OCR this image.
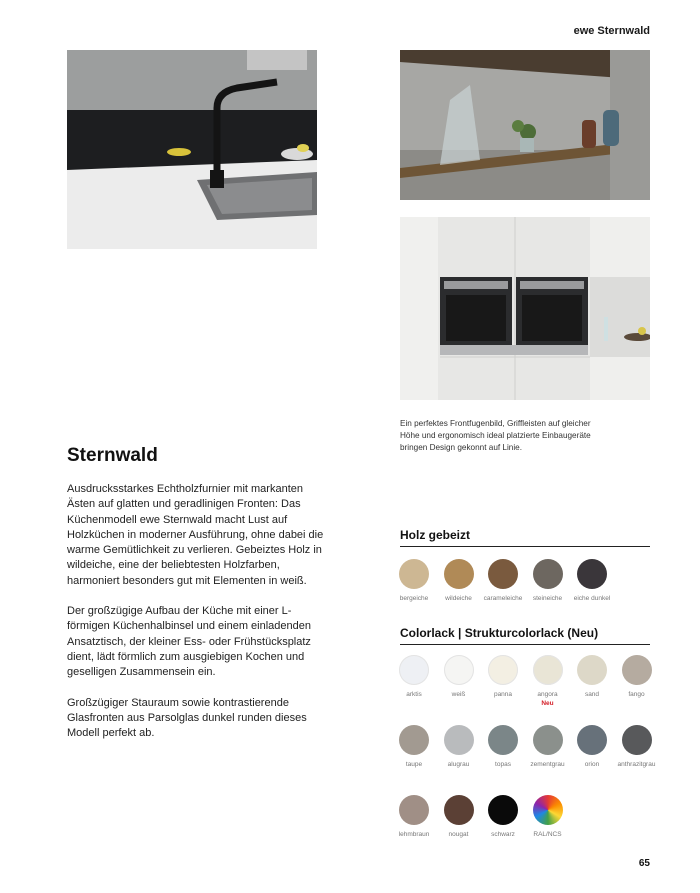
ewe Sternwald
Ein perfektes Frontfugenbild, Griffleisten auf gleicher Höhe und ergonomisch ideal platzierte Einbaugeräte bringen Design gekonnt auf Linie.
Sternwald

Ausdrucksstarkes Echtholzfurnier mit markanten Ästen auf glatten und geradlinigen Fronten: Das Küchenmodell ewe Sternwald macht Lust auf Holzküchen in moderner Ausführung, ohne dabei die warme Gemütlichkeit zu verlieren. Gebeiztes Holz in wildeiche, eine der beliebtesten Holzfarben, harmoniert besonders gut mit Elementen in weiß.

Der großzügige Aufbau der Küche mit einer L-förmigen Küchenhalbinsel und einem einladenden Ansatztisch, der kleiner Ess- oder Frühstücksplatz dient, lädt förmlich zum ausgiebigen Kochen und geselligen Zusammensein ein.

Großzügiger Stauraum sowie kontrastierende Glasfronten aus Parsolglas dunkel runden dieses Modell perfekt ab.

Holz gebeizt
bergeiche	wildeiche	carameleiche	steineiche	eiche dunkel
Colorlack | Strukturcolorlack (Neu)
arktis	weiß	panna	angora
Neu
sand	fango
taupe	alugrau	topas	zementgrau	orion	anthrazitgrau
lehmbraun	nougat	schwarz	RAL/NCS
65
